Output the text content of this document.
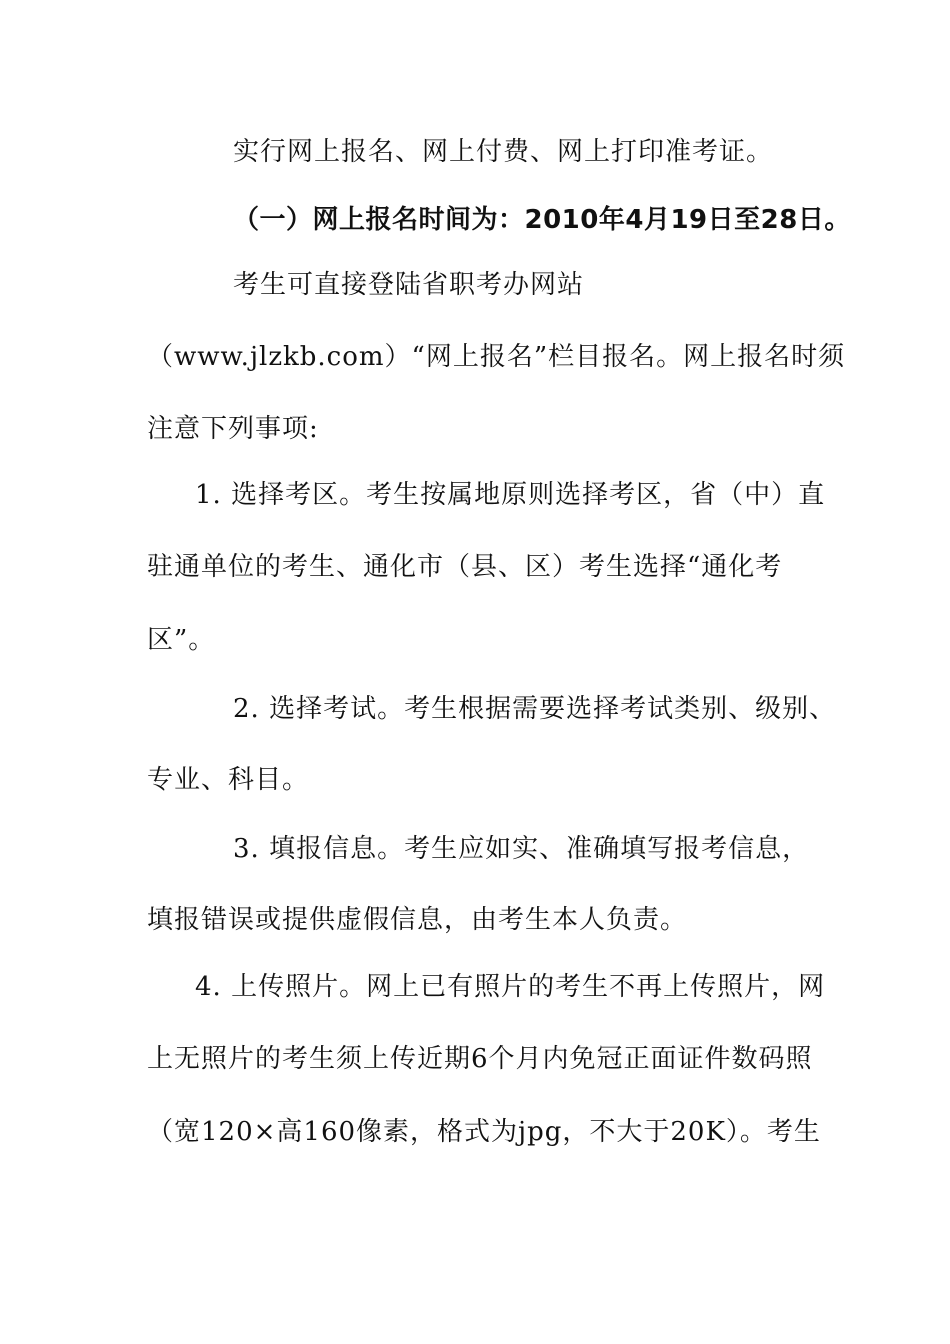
实行网上报名、网上付费、网上打印准考证。
（一）网上报名时间为：2010年4月19日至28日。
考生可直接登陆省职考办网站
（www.jlzkb.com）“网上报名”栏目报名。网上报名时须
注意下列事项:
1. 选择考区。考生按属地原则选择考区，省（中）直
驻通单位的考生、通化市（县、区）考生选择“通化考
区”。
2. 选择考试。考生根据需要选择考试类别、级别、
专业、科目。
3. 填报信息。考生应如实、准确填写报考信息，
填报错误或提供虚假信息，由考生本人负责。
4. 上传照片。网上已有照片的考生不再上传照片，网
上无照片的考生须上传近期6个月内免冠正面证件数码照
（宽120×高160像素，格式为jpg，不大于20K）。考生
